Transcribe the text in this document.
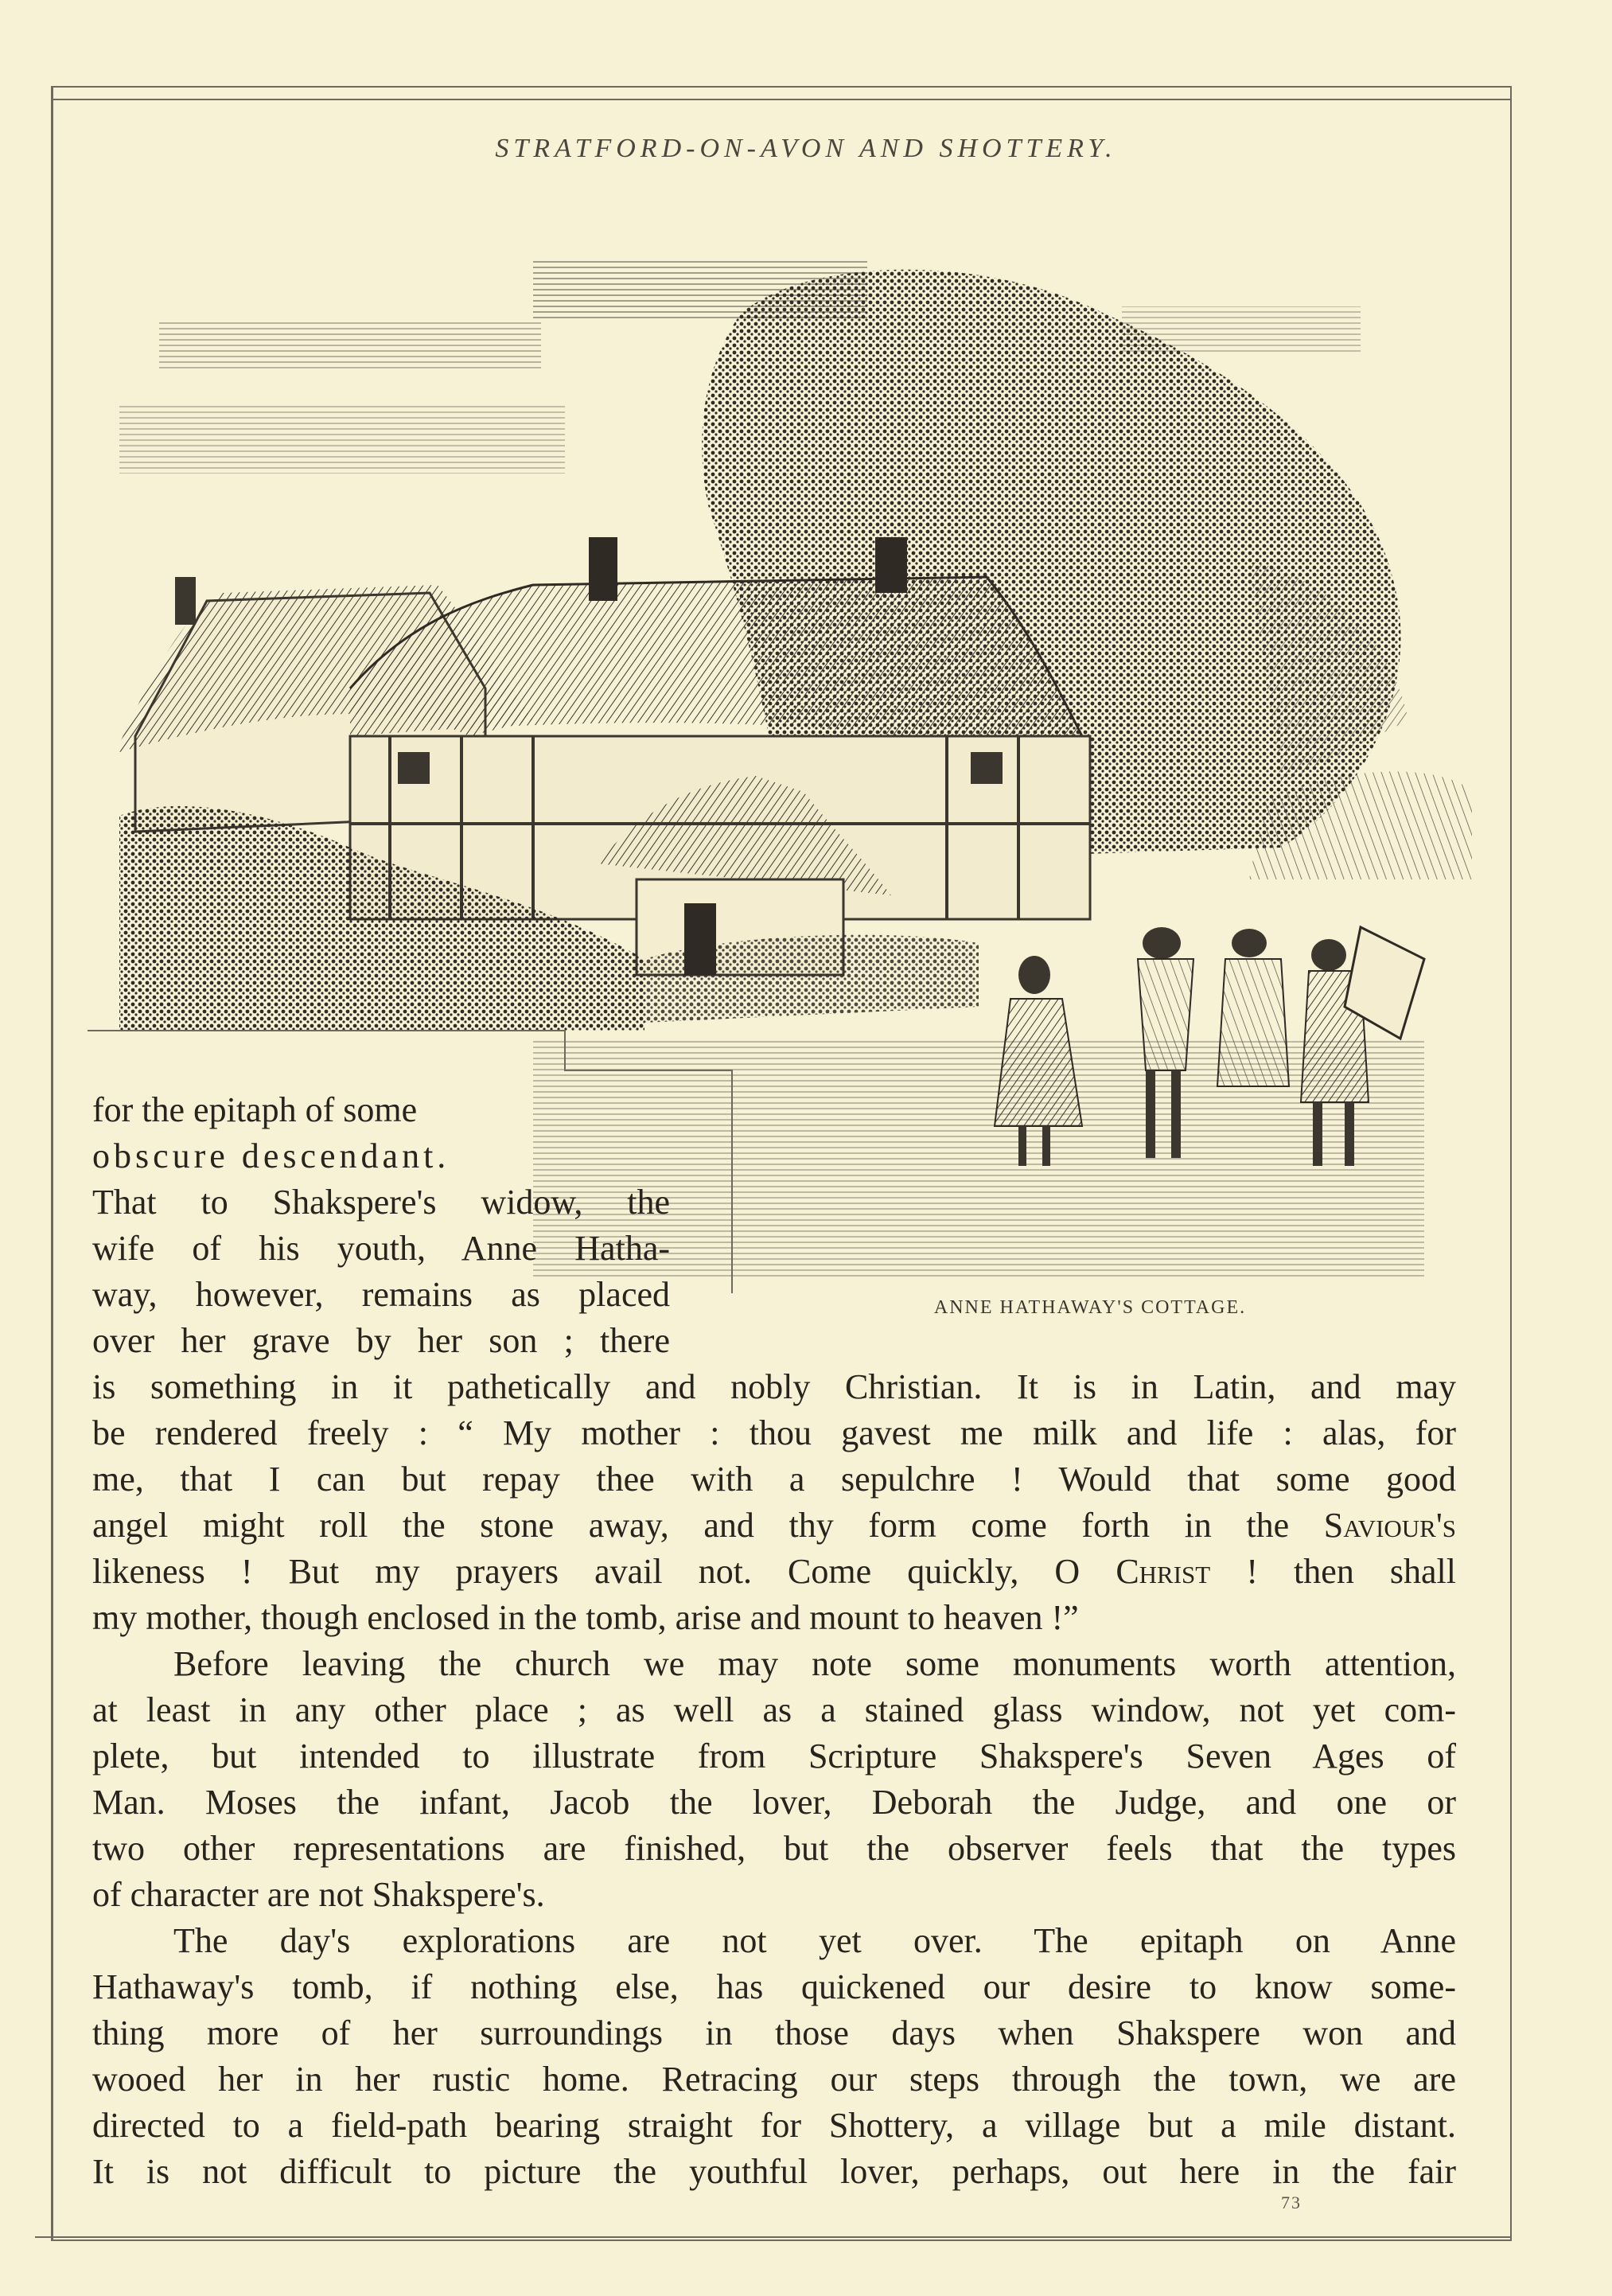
STRATFORD-ON-AVON AND SHOTTERY.
ANNE HATHAWAY'S COTTAGE.
for the epitaph of some
obscure descendant.
That to Shakspere's widow, the
wife of his youth, Anne Hatha-
way, however, remains as placed
over her grave by her son ; there
is something in it pathetically and nobly Christian. It is in Latin, and may
be rendered freely : “ My mother : thou gavest me milk and life : alas, for
me, that I can but repay thee with a sepulchre ! Would that some good
angel might roll the stone away, and thy form come forth in the Saviour's
likeness ! But my prayers avail not. Come quickly, O Christ ! then shall
my mother, though enclosed in the tomb, arise and mount to heaven !”
Before leaving the church we may note some monuments worth attention,
at least in any other place ; as well as a stained glass window, not yet com-
plete, but intended to illustrate from Scripture Shakspere's Seven Ages of
Man. Moses the infant, Jacob the lover, Deborah the Judge, and one or
two other representations are finished, but the observer feels that the types
of character are not Shakspere's.
The day's explorations are not yet over. The epitaph on Anne
Hathaway's tomb, if nothing else, has quickened our desire to know some-
thing more of her surroundings in those days when Shakspere won and
wooed her in her rustic home. Retracing our steps through the town, we are
directed to a field-path bearing straight for Shottery, a village but a mile distant.
It is not difficult to picture the youthful lover, perhaps, out here in the fair
73
